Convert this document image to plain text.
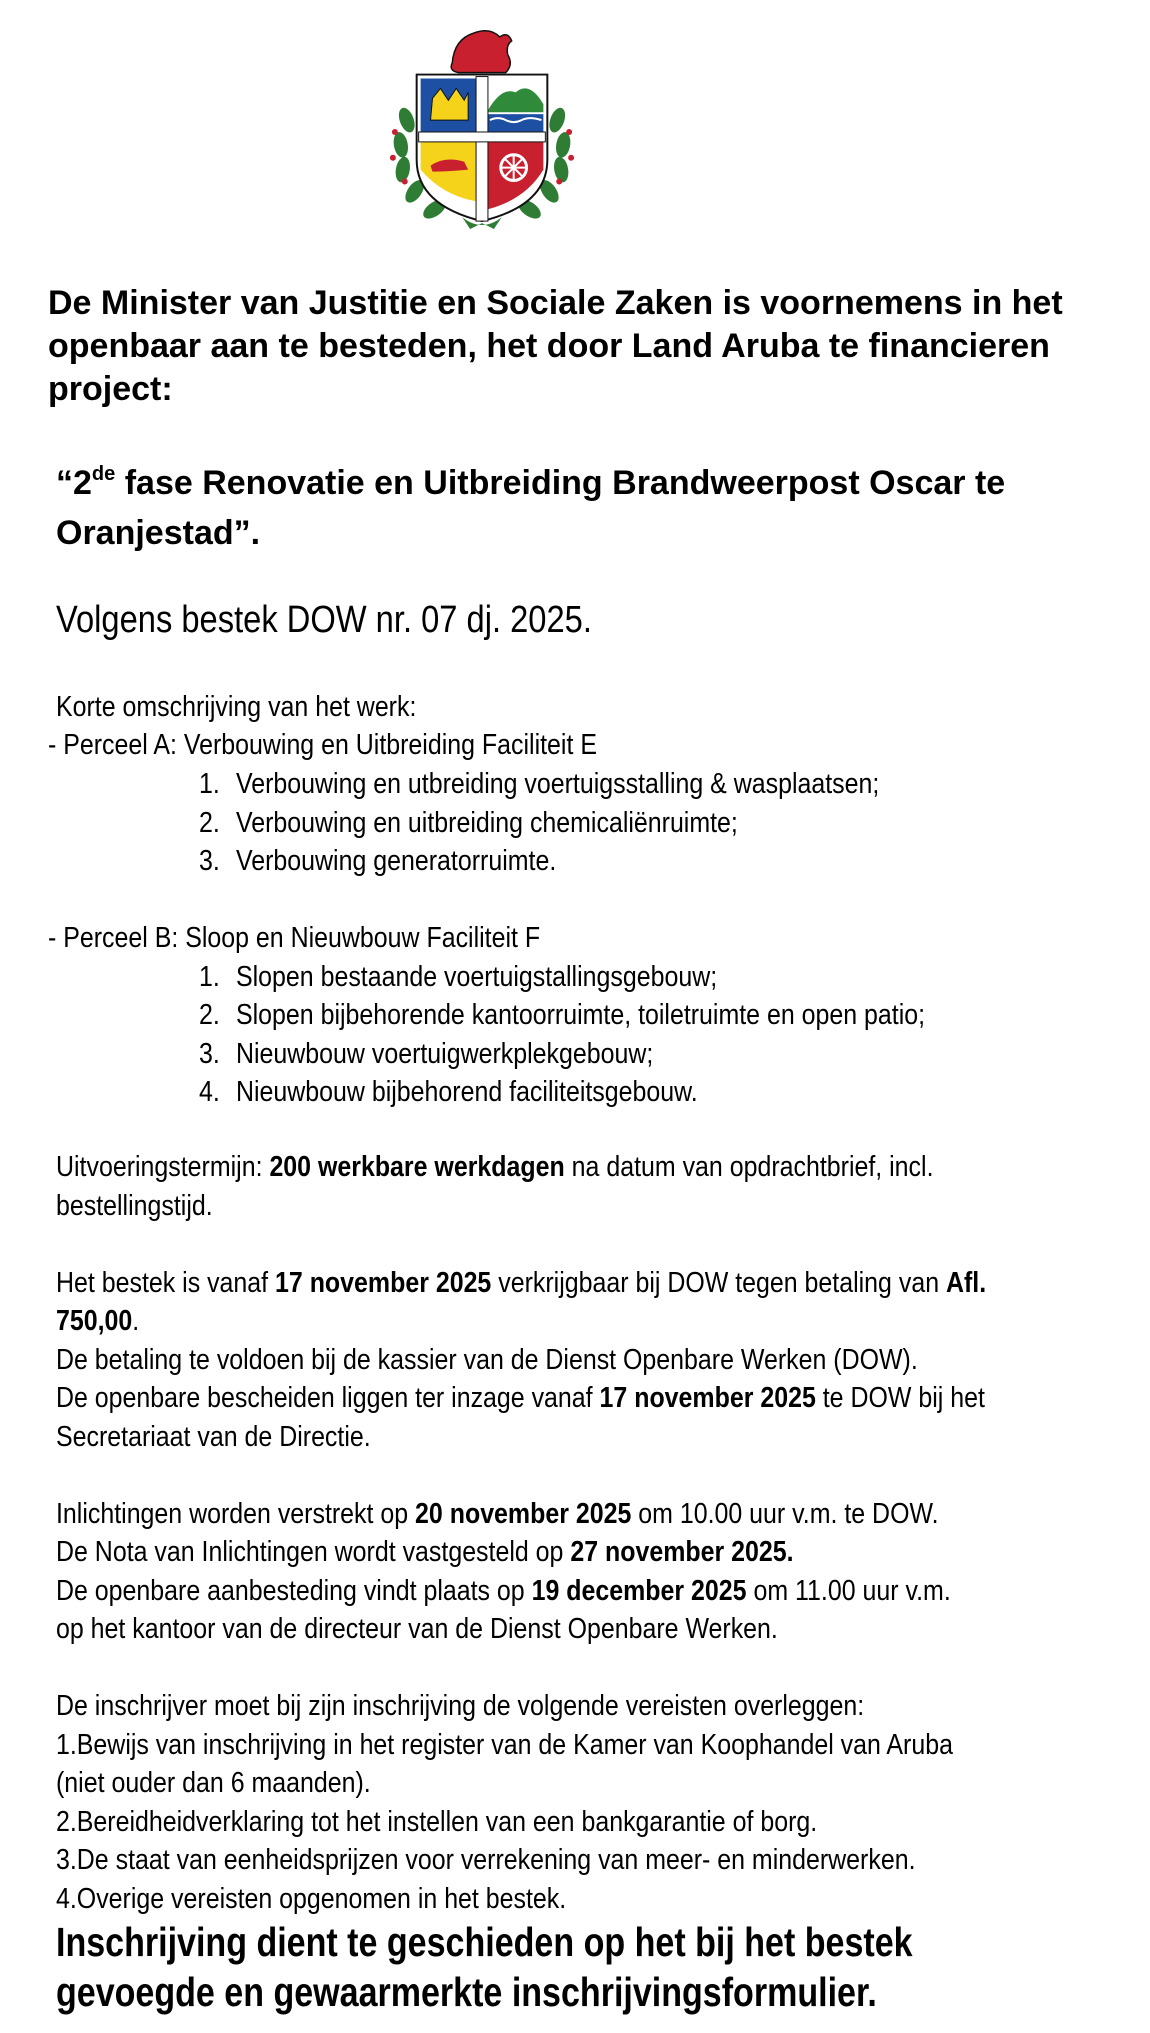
De Minister van Justitie en Sociale Zaken is voornemens in het openbaar aan te besteden, het door Land Aruba te financieren project:

“2de fase Renovatie en Uitbreiding Brandweerpost Oscar te Oranjestad”.

Volgens bestek DOW nr. 07 dj. 2025.

Korte omschrijving van het werk:
- Perceel A: Verbouwing en Uitbreiding Faciliteit E
1. Verbouwing en utbreiding voertuigsstalling & wasplaatsen;
2. Verbouwing en uitbreiding chemicaliënruimte;
3. Verbouwing generatorruimte.
- Perceel B: Sloop en Nieuwbouw Faciliteit F
1. Slopen bestaande voertuigstallingsgebouw;
2. Slopen bijbehorende kantoorruimte, toiletruimte en open patio;
3. Nieuwbouw voertuigwerkplekgebouw;
4. Nieuwbouw bijbehorend faciliteitsgebouw.
Uitvoeringstermijn: 200 werkbare werkdagen na datum van opdrachtbrief, incl.
bestellingstijd.
Het bestek is vanaf 17 november 2025 verkrijgbaar bij DOW tegen betaling van Afl.
750,00.
De betaling te voldoen bij de kassier van de Dienst Openbare Werken (DOW).
De openbare bescheiden liggen ter inzage vanaf 17 november 2025 te DOW bij het
Secretariaat van de Directie.
Inlichtingen worden verstrekt op 20 november 2025 om 10.00 uur v.m. te DOW.
De Nota van Inlichtingen wordt vastgesteld op 27 november 2025.
De openbare aanbesteding vindt plaats op 19 december 2025 om 11.00 uur v.m.
op het kantoor van de directeur van de Dienst Openbare Werken.
De inschrijver moet bij zijn inschrijving de volgende vereisten overleggen:
1.Bewijs van inschrijving in het register van de Kamer van Koophandel van Aruba
(niet ouder dan 6 maanden).
2.Bereidheidverklaring tot het instellen van een bankgarantie of borg.
3.De staat van eenheidsprijzen voor verrekening van meer- en minderwerken.
4.Overige vereisten opgenomen in het bestek.
Inschrijving dient te geschieden op het bij het bestek
gevoegde en gewaarmerkte inschrijvingsformulier.
